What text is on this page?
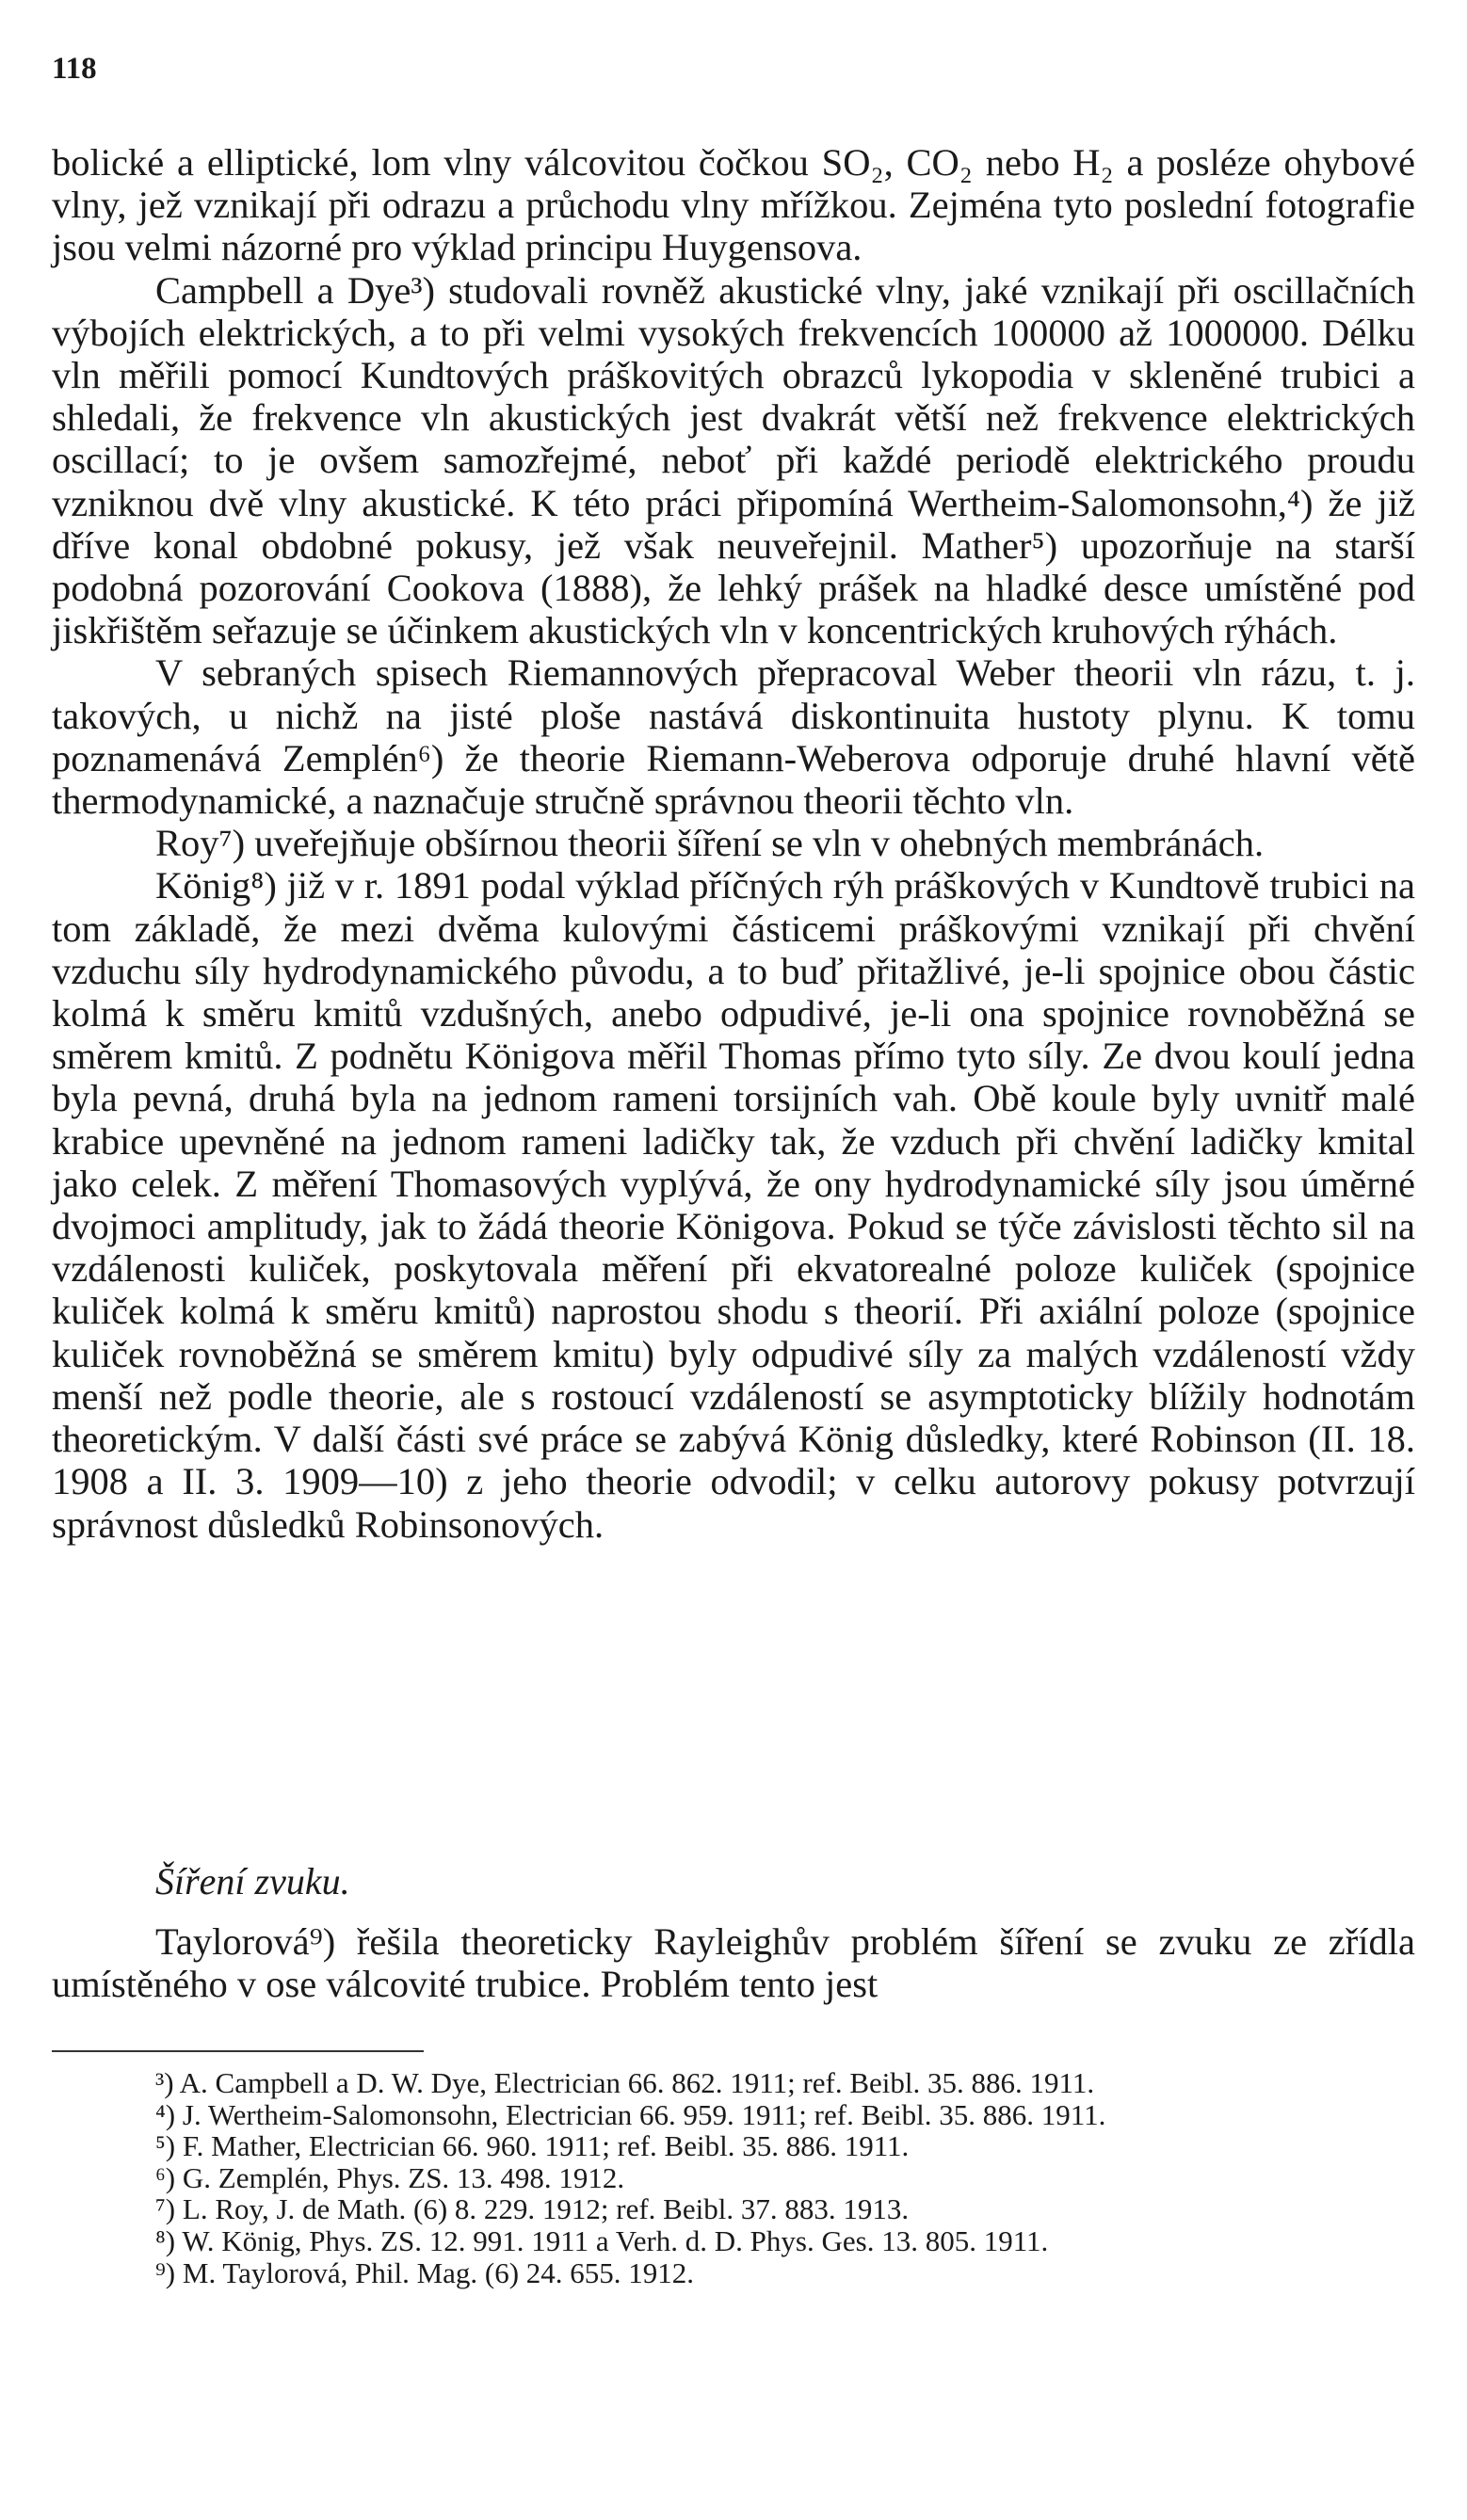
118

bolické a elliptické, lom vlny válcovitou čočkou SO₂, CO₂ nebo H₂ a posléze ohybové vlny, jež vznikají při odrazu a průchodu vlny mřížkou. Zejména tyto poslední fotografie jsou velmi názorné pro výklad principu Huygensova.

Campbell a Dye³) studovali rovněž akustické vlny, jaké vznikají při oscillačních výbojích elektrických, a to při velmi vysokých frekvencích 100000 až 1000000. Délku vln měřili pomocí Kundtových práškovitých obrazců lykopodia v skleněné trubici a shledali, že frekvence vln akustických jest dvakrát větší než frekvence elektrických oscillací; to je ovšem samozřejmé, neboť při každé periodě elektrického proudu vzniknou dvě vlny akustické. K této práci připomíná Wertheim-Salomonsohn,⁴) že již dříve konal obdobné pokusy, jež však neuveřejnil. Mather⁵) upozorňuje na starší podobná pozorování Cookova (1888), že lehký prášek na hladké desce umístěné pod jiskřištěm seřazuje se účinkem akustických vln v koncentrických kruhových rýhách.

V sebraných spisech Riemannových přepracoval Weber theorii vln rázu, t. j. takových, u nichž na jisté ploše nastává diskontinuita hustoty plynu. K tomu poznamenává Zemplén⁶) že theorie Riemann-Weberova odporuje druhé hlavní větě thermodynamické, a naznačuje stručně správnou theorii těchto vln.

Roy⁷) uveřejňuje obšírnou theorii šíření se vln v ohebných membránách.

König⁸) již v r. 1891 podal výklad příčných rýh práškových v Kundtově trubici na tom základě, že mezi dvěma kulovými částicemi práškovými vznikají při chvění vzduchu síly hydrodynamického původu, a to buď přitažlivé, je-li spojnice obou částic kolmá k směru kmitů vzdušných, anebo odpudivé, je-li ona spojnice rovnoběžná se směrem kmitů. Z podnětu Königova měřil Thomas přímo tyto síly. Ze dvou koulí jedna byla pevná, druhá byla na jednom rameni torsijních vah. Obě koule byly uvnitř malé krabice upevněné na jednom rameni ladičky tak, že vzduch při chvění ladičky kmital jako celek. Z měření Thomasových vyplývá, že ony hydrodynamické síly jsou úměrné dvojmoci amplitudy, jak to žádá theorie Königova. Pokud se týče závislosti těchto sil na vzdálenosti kuliček, poskytovala měření při ekvatorealné poloze kuliček (spojnice kuliček kolmá k směru kmitů) naprostou shodu s theorií. Při axiální poloze (spojnice kuliček rovnoběžná se směrem kmitu) byly odpudivé síly za malých vzdáleností vždy menší než podle theorie, ale s rostoucí vzdáleností se asymptoticky blížily hodnotám theoretickým. V další části své práce se zabývá König důsledky, které Robinson (II. 18. 1908 a II. 3. 1909—10) z jeho theorie odvodil; v celku autorovy pokusy potvrzují správnost důsledků Robinsonových.

Šíření zvuku.
Taylorová⁹) řešila theoreticky Rayleighův problém šíření se zvuku ze zřídla umístěného v ose válcovité trubice. Problém tento jest
³) A. Campbell a D. W. Dye, Electrician 66. 862. 1911; ref. Beibl. 35. 886. 1911.
⁴) J. Wertheim-Salomonsohn, Electrician 66. 959. 1911; ref. Beibl. 35. 886. 1911.
⁵) F. Mather, Electrician 66. 960. 1911; ref. Beibl. 35. 886. 1911.
⁶) G. Zemplén, Phys. ZS. 13. 498. 1912.
⁷) L. Roy, J. de Math. (6) 8. 229. 1912; ref. Beibl. 37. 883. 1913.
⁸) W. König, Phys. ZS. 12. 991. 1911 a Verh. d. D. Phys. Ges. 13. 805. 1911.
⁹) M. Taylorová, Phil. Mag. (6) 24. 655. 1912.
